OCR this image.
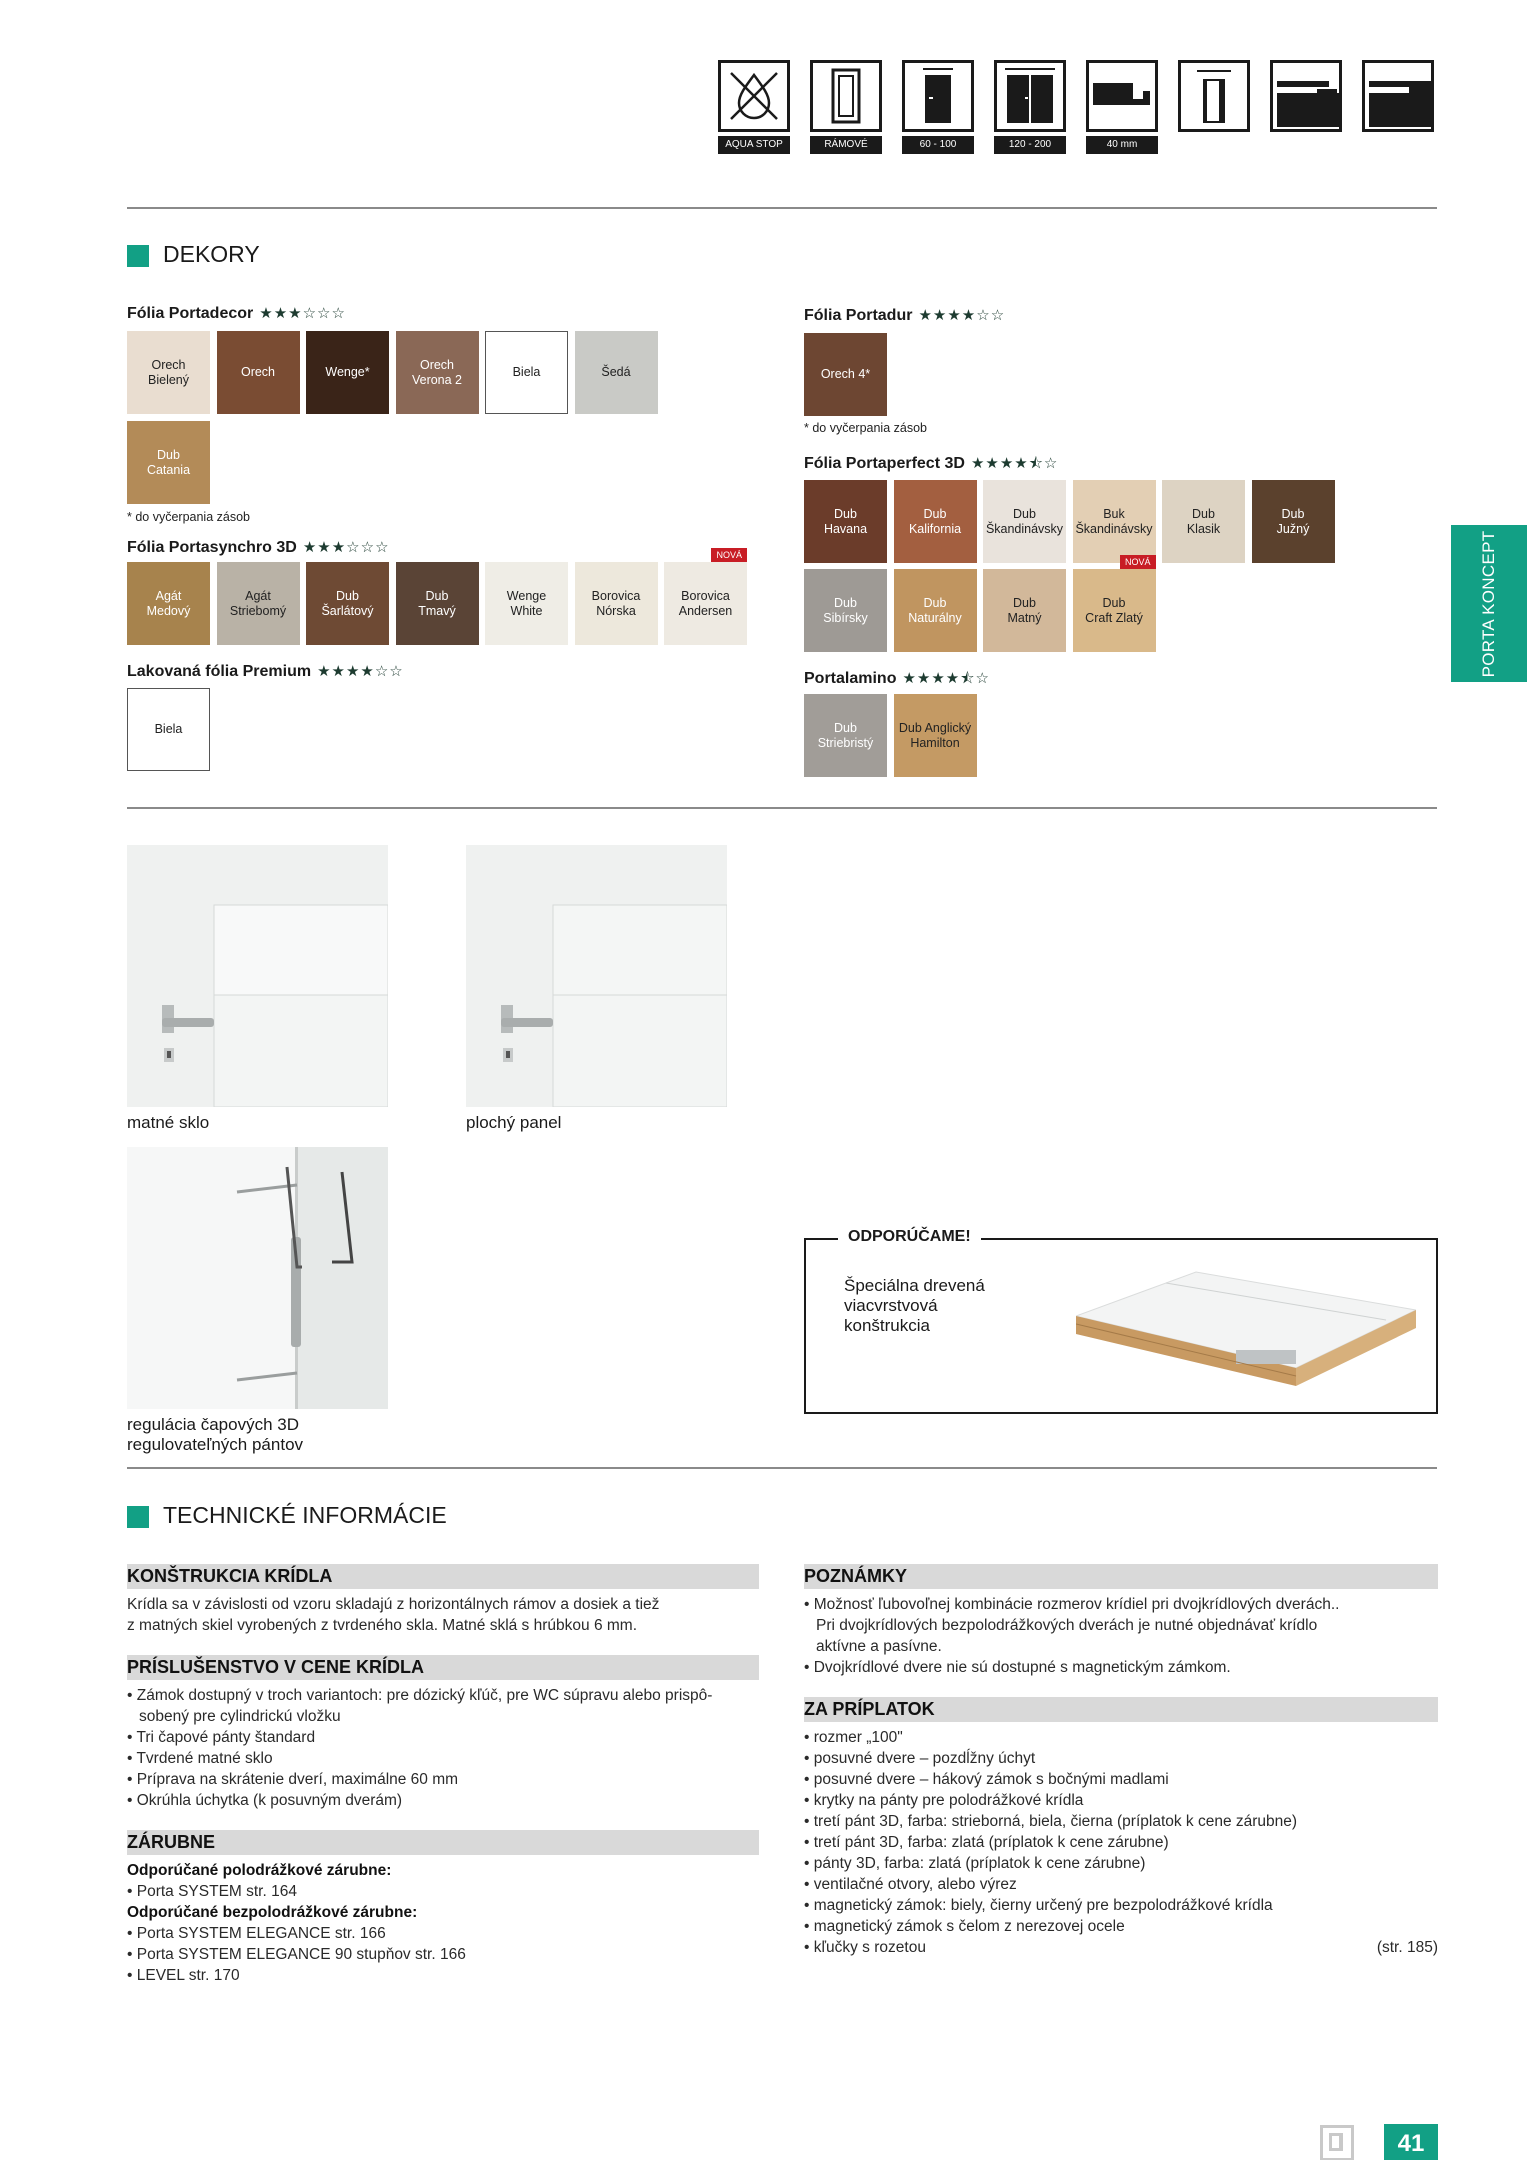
AQUA STOP	RÁMOVÉ	60 - 100	120 - 200	40 mm
DEKORY
Fólia Portadecor ★★★☆☆☆
Orech
Bielený
Orech	Wenge*
Orech
Verona 2
Biela	Šedá
Dub
Catania
* do vyčerpania zásob
Fólia Portasynchro 3D ★★★☆☆☆
Agát
Medový
Agát
Striebomý
Dub
Šarlátový
Dub
Tmavý
Wenge
White
Borovica
Nórska
Borovica
Andersen
NOVÁ
Lakovaná fólia Premium ★★★★☆☆
Biela
Fólia Portadur ★★★★☆☆
Orech 4*
* do vyčerpania zásob
Fólia Portaperfect 3D ★★★★⯪☆
Dub
Havana
Dub
Kalifornia
Dub
Škandinávsky
Buk
Škandinávsky
Dub
Klasik
Dub
Južný
Dub
Sibírsky
Dub
Naturálny
Dub
Matný
Dub
Craft Zlatý
NOVÁ
Portalamino ★★★★⯪☆
Dub
Striebristý
Dub Anglický
Hamilton
PORTA KONCEPT
matné sklo	plochý panel
regulácia čapových 3D
regulovateľných pántov
ODPORÚČAME!
Špeciálna drevená
viacvrstvová
konštrukcia
TECHNICKÉ INFORMÁCIE
KONŠTRUKCIA KRÍDLA
Krídla sa v závislosti od vzoru skladajú z horizontálnych rámov a dosiek a tiež
z matných skiel vyrobených z tvrdeného skla. Matné sklá s hrúbkou 6 mm.
PRÍSLUŠENSTVO V CENE KRÍDLA
• Zámok dostupný v troch variantoch: pre dózický kľúč, pre WC súpravu alebo prispô-
sobený pre cylindrickú vložku
• Tri čapové pánty štandard
• Tvrdené matné sklo
• Príprava na skrátenie dverí, maximálne 60 mm
• Okrúhla úchytka (k posuvným dverám)
ZÁRUBNE
Odporúčané polodrážkové zárubne:
• Porta SYSTEM str. 164
Odporúčané bezpolodrážkové zárubne:
• Porta SYSTEM ELEGANCE str. 166
• Porta SYSTEM ELEGANCE 90 stupňov str. 166
• LEVEL str. 170
POZNÁMKY
• Možnosť ľubovoľnej kombinácie rozmerov krídiel pri dvojkrídlových dverách..
Pri dvojkrídlových bezpolodrážkových dverách je nutné objednávať krídlo
aktívne a pasívne.
• Dvojkrídlové dvere nie sú dostupné s magnetickým zámkom.
ZA PRÍPLATOK
• rozmer „100"
• posuvné dvere – pozdĺžny úchyt
• posuvné dvere – hákový zámok s bočnými madlami
• krytky na pánty pre polodrážkové krídla
• tretí pánt 3D, farba: strieborná, biela, čierna (príplatok k cene zárubne)
• tretí pánt 3D, farba: zlatá (príplatok k cene zárubne)
• pánty 3D, farba: zlatá (príplatok k cene zárubne)
• ventilačné otvory, alebo výrez
• magnetický zámok: biely, čierny určený pre bezpolodrážkové krídla
• magnetický zámok s čelom z nerezovej ocele
• kľučky s rozetou	(str. 185)
41
